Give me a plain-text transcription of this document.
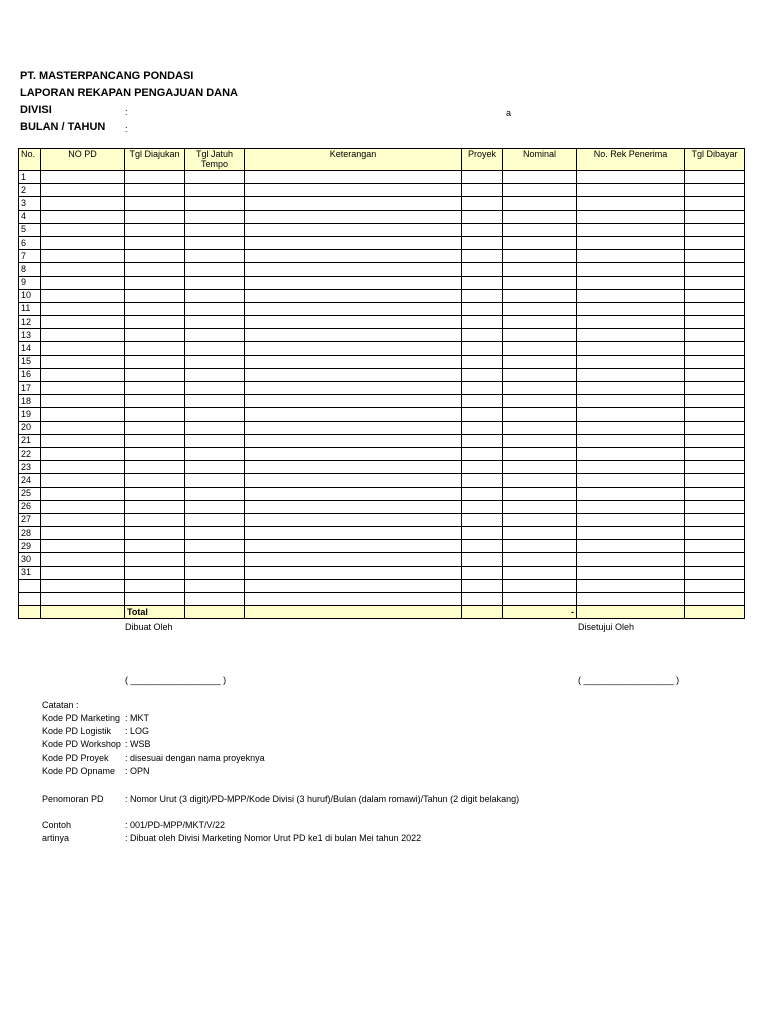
PT. MASTERPANCANG PONDASI
LAPORAN REKAPAN PENGAJUAN DANA
DIVISI
BULAN / TAHUN
:
:
a
No.	NO PD	Tgl Diajukan	Tgl Jatuh Tempo	Keterangan	Proyek	Nominal	No. Rek Penerima	Tgl Dibayar
1								
2								
3								
4								
5								
6								
7								
8								
9								
10								
11								
12								
13								
14								
15								
16								
17								
18								
19								
20								
21								
22								
23								
24								
25								
26								
27								
28								
29								
30								
31								

		Total				-		
Dibuat Oleh	Disetujui Oleh
( __________________ )	( __________________ )
Catatan :
Kode PD Marketing : MKT
Kode PD Logistik : LOG
Kode PD Workshop : WSB
Kode PD Proyek : disesuai dengan nama proyeknya
Kode PD Opname : OPN
Penomoran PD : Nomor Urut (3 digit)/PD-MPP/Kode Divisi (3 huruf)/Bulan (dalam romawi)/Tahun (2 digit belakang)
Contoh	: 001/PD-MPP/MKT/V/22
artinya	: Dibuat oleh Divisi Marketing Nomor Urut PD ke1 di bulan Mei tahun 2022
